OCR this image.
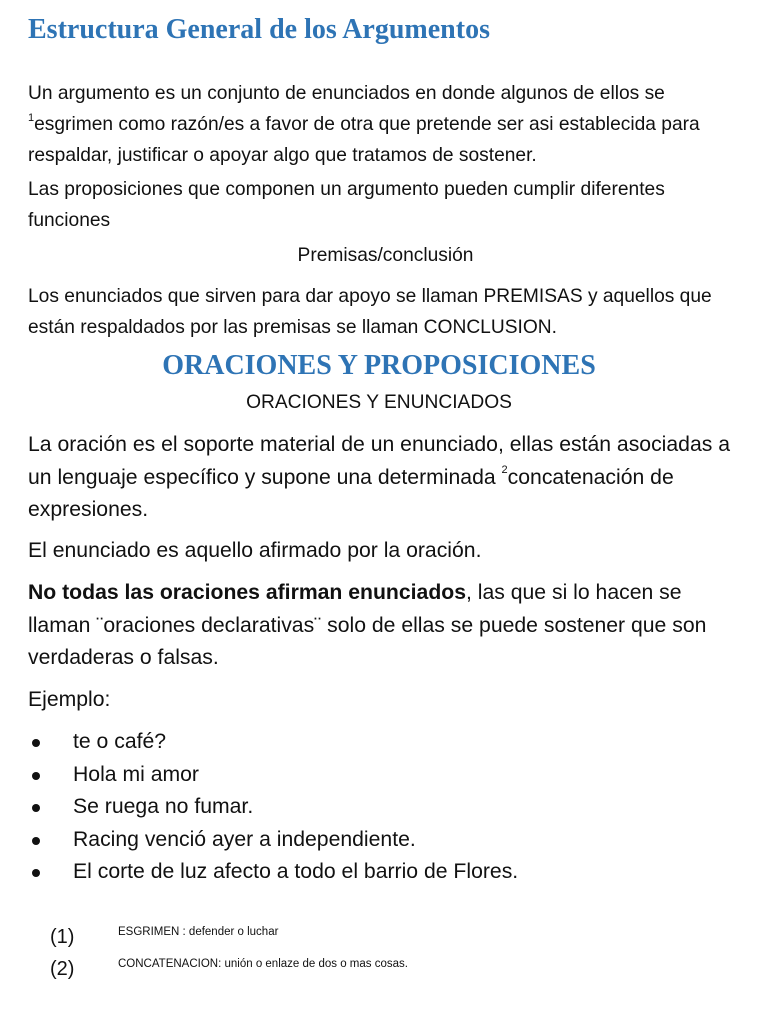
Estructura General de los Argumentos
Un argumento es un conjunto de enunciados en donde algunos de ellos se $^1$esgrimen como razón/es a favor de otra que pretende ser asi establecida para respaldar, justificar o apoyar algo que tratamos de sostener.
Las proposiciones que componen un argumento pueden cumplir diferentes funciones
Premisas/conclusión
Los enunciados que sirven para dar apoyo se llaman PREMISAS y aquellos que están respaldados por las premisas se llaman CONCLUSION.
ORACIONES Y PROPOSICIONES
ORACIONES Y ENUNCIADOS
La oración es el soporte material de un enunciado, ellas están asociadas a un lenguaje específico y supone una determinada $^2$concatenación de expresiones.
El enunciado es aquello afirmado por la oración.
No todas las oraciones afirman enunciados, las que si lo hacen se llaman ¨oraciones declarativas¨ solo de ellas se puede sostener que son verdaderas o falsas.
Ejemplo:
te o café?
Hola mi amor
Se ruega no fumar.
Racing venció ayer a independiente.
El corte de luz afecto a todo el barrio de Flores.
(1)	ESGRIMEN : defender o luchar
(2)	CONCATENACION: unión o enlaze de dos o mas cosas.
